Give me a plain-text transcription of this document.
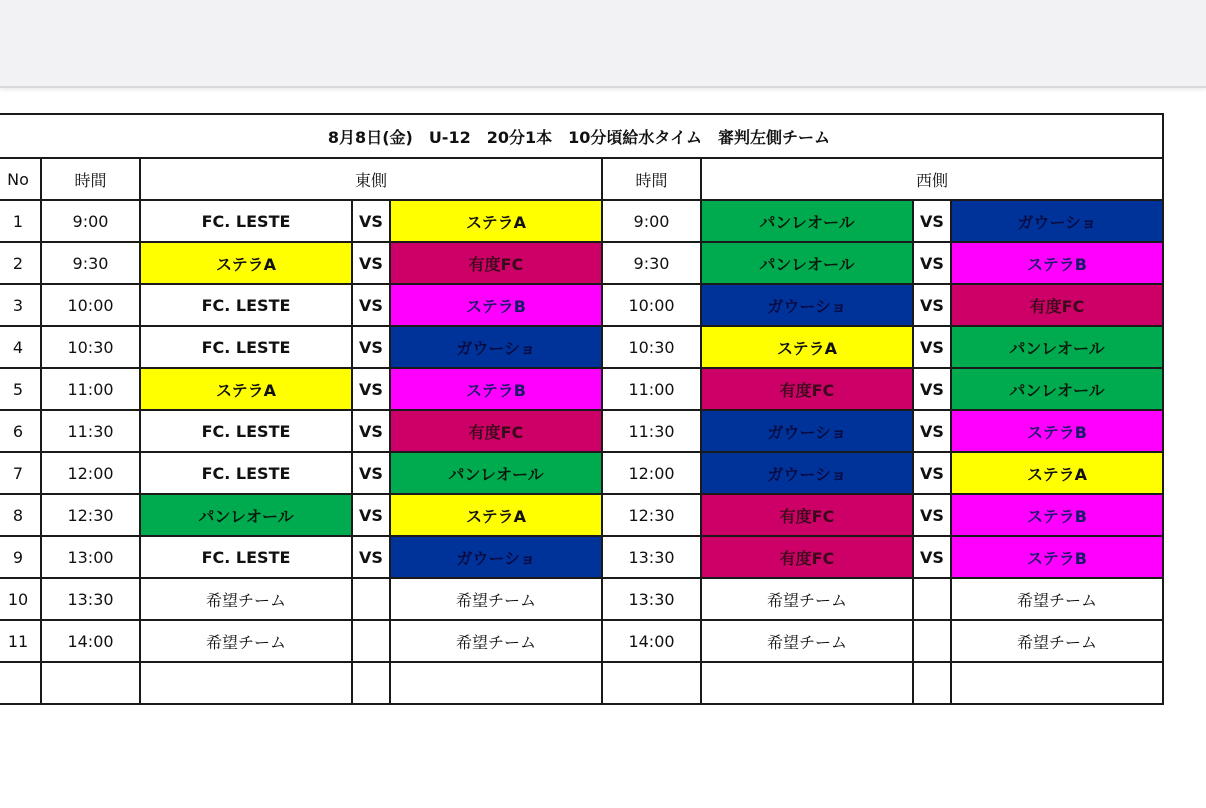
8月8日(金)　U-12　20分1本　10分頃給水タイム　審判左側チーム								
No	時間	東側			時間	西側		
1	9:00	FC. LESTE	VS	ステラA	9:00	パンレオール	VS	ガウーショ
2	9:30	ステラA	VS	有度FC	9:30	パンレオール	VS	ステラB
3	10:00	FC. LESTE	VS	ステラB	10:00	ガウーショ	VS	有度FC
4	10:30	FC. LESTE	VS	ガウーショ	10:30	ステラA	VS	パンレオール
5	11:00	ステラA	VS	ステラB	11:00	有度FC	VS	パンレオール
6	11:30	FC. LESTE	VS	有度FC	11:30	ガウーショ	VS	ステラB
7	12:00	FC. LESTE	VS	パンレオール	12:00	ガウーショ	VS	ステラA
8	12:30	パンレオール	VS	ステラA	12:30	有度FC	VS	ステラB
9	13:00	FC. LESTE	VS	ガウーショ	13:30	有度FC	VS	ステラB
10	13:30	希望チーム		希望チーム	13:30	希望チーム		希望チーム
11	14:00	希望チーム		希望チーム	14:00	希望チーム		希望チーム
